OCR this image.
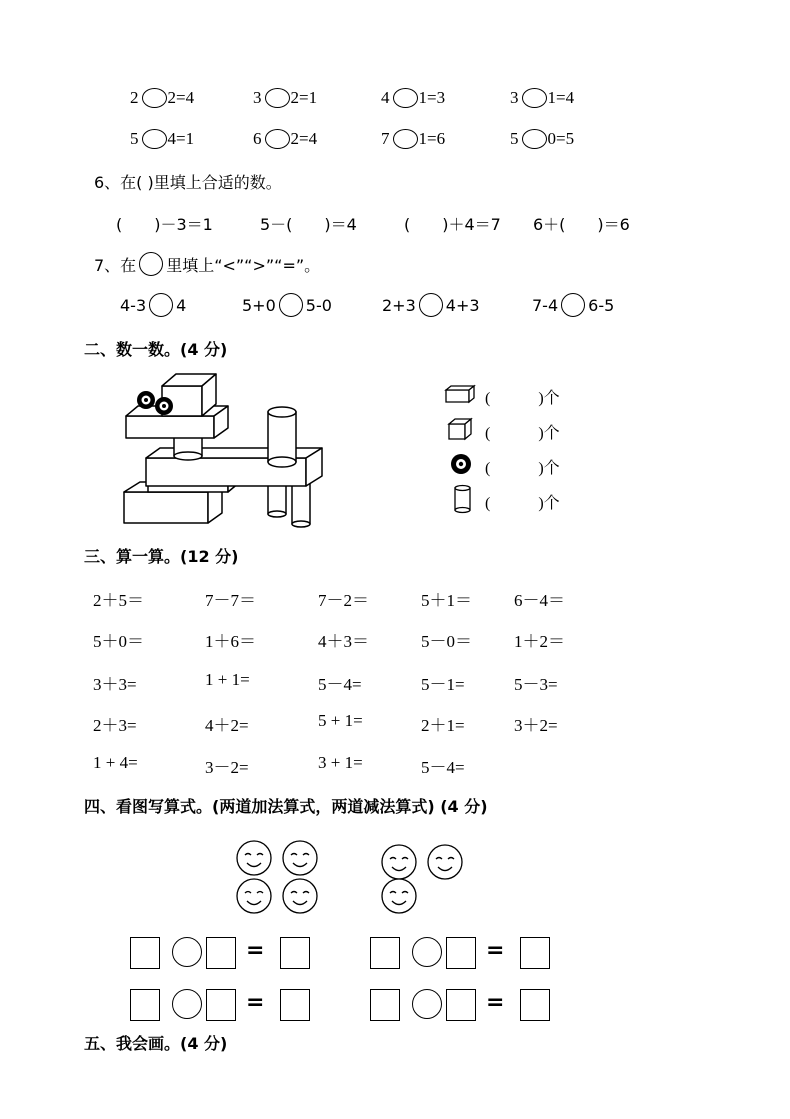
2 2=4	3 2=1	4 1=3	3 1=4
5 4=1	6 2=4	7 1=6	5 0=5
6、在( )里填上合适的数。
(　　)－3＝1	5－(　　)＝4	(　　)＋4＝7 6＋(　　)＝6
7、在 里填上“<”“>”“=”。
4-3 4	5+0 5-0	2+3 4+3	7-4 6-5
二、数一数。(4 分)
(　　　)个
(　　　)个
(　　　)个
(　　　)个
三、算一算。(12 分)
2＋5＝	7－7＝	7－2＝	5＋1＝ 6－4＝
5＋0＝	1＋6＝	4＋3＝	5－0＝ 1＋2＝
3＋3=	1 + 1=	5－4=	5－1=	5－3=
2＋3=	4＋2=	5 + 1=	2＋1=	3＋2=
1 + 4=	3－2=	3 + 1=	5－4=
四、看图写算式。(两道加法算式，两道减法算式) (4 分)
=	=
=	=
五、我会画。(4 分)
